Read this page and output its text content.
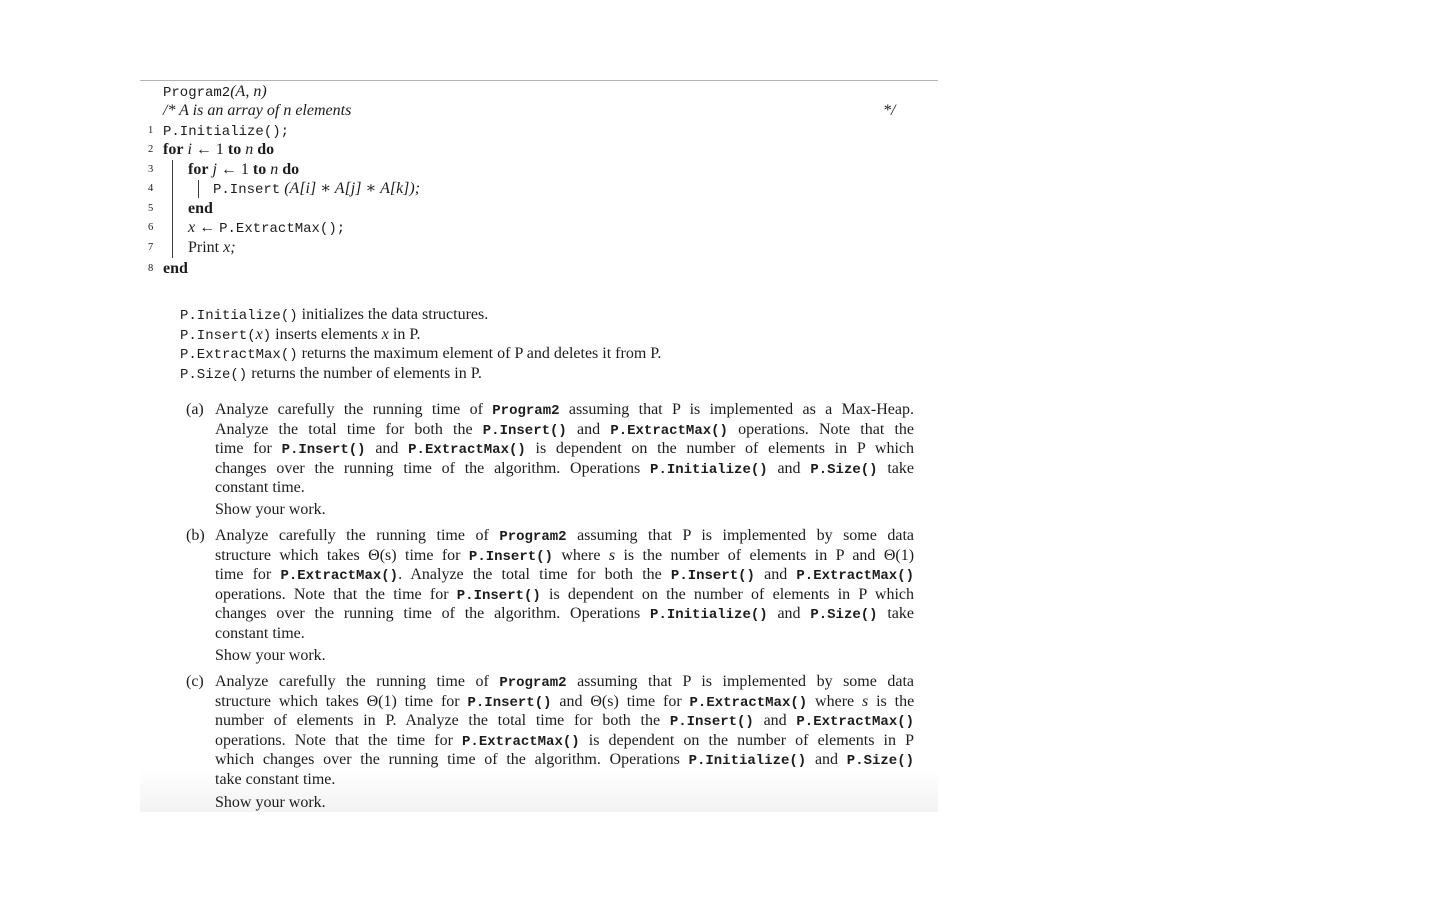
Program2(A, n)
/* A is an array of n elements	*/
1
2
3
4
5
6
7
8
P.Initialize();
for i ← 1 to n do
for j ← 1 to n do
P.Insert (A[i] ∗ A[j] ∗ A[k]);
end
x ← P.ExtractMax();
Print x;
end
P.Initialize() initializes the data structures.
P.Insert(x) inserts elements x in P.
P.ExtractMax() returns the maximum element of P and deletes it from P.
P.Size() returns the number of elements in P.
(a) Analyze carefully the running time of Program2 assuming that P is implemented as a Max-Heap.
Analyze the total time for both the P.Insert() and P.ExtractMax() operations. Note that the
time for P.Insert() and P.ExtractMax() is dependent on the number of elements in P which
changes over the running time of the algorithm. Operations P.Initialize() and P.Size() take
constant time.
Show your work.
(b) Analyze carefully the running time of Program2 assuming that P is implemented by some data
structure which takes Θ(s) time for P.Insert() where s is the number of elements in P and Θ(1)
time for P.ExtractMax(). Analyze the total time for both the P.Insert() and P.ExtractMax()
operations. Note that the time for P.Insert() is dependent on the number of elements in P which
changes over the running time of the algorithm. Operations P.Initialize() and P.Size() take
constant time.
Show your work.
(c) Analyze carefully the running time of Program2 assuming that P is implemented by some data
structure which takes Θ(1) time for P.Insert() and Θ(s) time for P.ExtractMax() where s is the
number of elements in P. Analyze the total time for both the P.Insert() and P.ExtractMax()
operations. Note that the time for P.ExtractMax() is dependent on the number of elements in P
which changes over the running time of the algorithm. Operations P.Initialize() and P.Size()
take constant time.
Show your work.
